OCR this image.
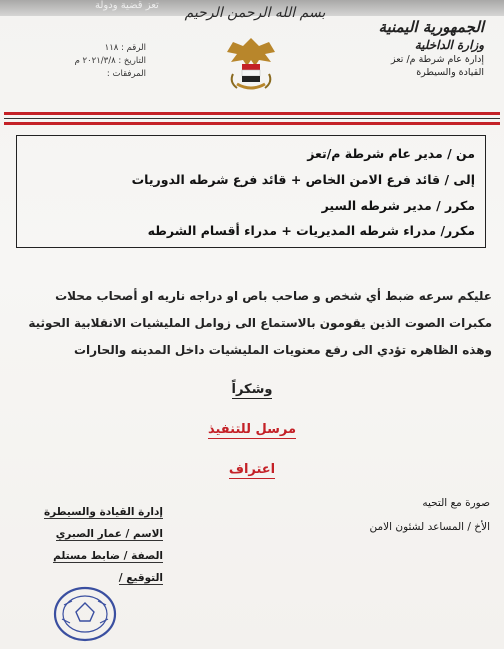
تعز قضية ودولة	بسم الله الرحمن الرحيم
الجمهورية اليمنية
وزارة الداخلية
إدارة عام شرطة م/ تعز
القيادة والسيطرة
الرقم : ١١٨
التاريخ : ٢٠٢١/٣/٨ م
المرفقات :
من / مدير عام شرطة م/تعز
إلى / قائد فرع الامن الخاص + قائد فرع شرطه الدوريات
مكرر / مدير شرطه السير
مكرر/ مدراء شرطه المديريات + مدراء أقسام الشرطه
عليكم سرعه ضبط أي شخص و صاحب باص او دراجه ناريه او أصحاب محلات
مكبرات الصوت الذين يقومون بالاستماع الى زوامل المليشيات الانقلابية الحوثية
وهذه الظاهره تؤدي الى رفع معنويات المليشيات داخل المدينه والحارات
وشكراً
مرسل للتنفيذ
اعتراف
إدارة القيادة والسيطرة
الاسم / عمار الصبري
الصفة / ضابط مستلم
التوقيع /
صورة مع التحيه
الأخ / المساعد لشئون الامن
